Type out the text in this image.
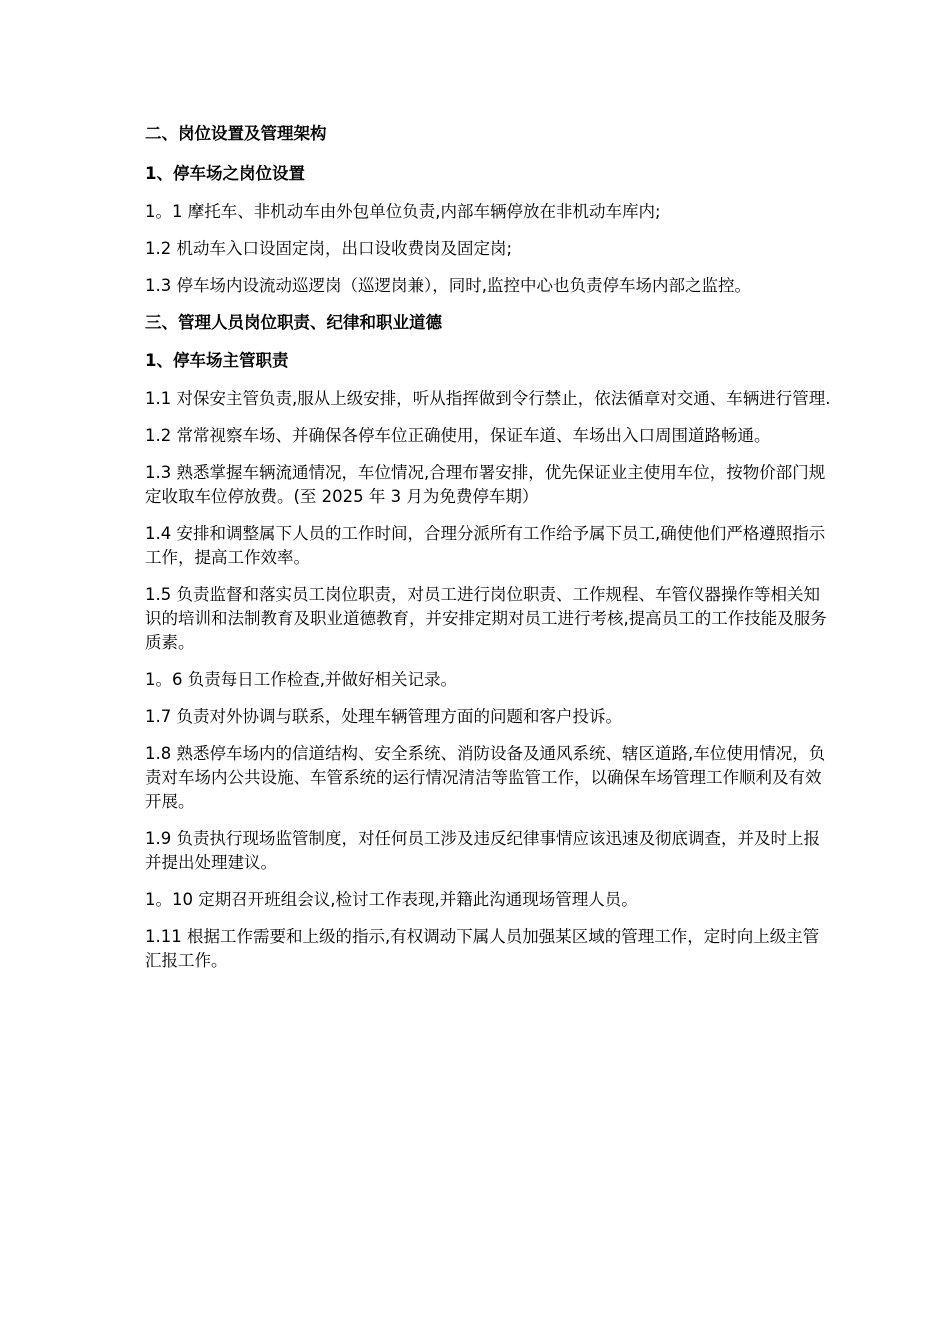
二、岗位设置及管理架构

1、停车场之岗位设置

1。1 摩托车、非机动车由外包单位负责,内部车辆停放在非机动车库内;

1.2 机动车入口设固定岗，出口设收费岗及固定岗;

1.3 停车场内设流动巡逻岗（巡逻岗兼），同时,监控中心也负责停车场内部之监控。

三、管理人员岗位职责、纪律和职业道德

1、停车场主管职责

1.1 对保安主管负责,服从上级安排，听从指挥做到令行禁止，依法循章对交通、车辆进行管理.

1.2 常常视察车场、并确保各停车位正确使用，保证车道、车场出入口周围道路畅通。

1.3 熟悉掌握车辆流通情况，车位情况,合理布署安排，优先保证业主使用车位，按物价部门规定收取车位停放费。(至 2025 年 3 月为免费停车期）

1.4 安排和调整属下人员的工作时间，合理分派所有工作给予属下员工,确使他们严格遵照指示工作，提高工作效率。

1.5 负责监督和落实员工岗位职责，对员工进行岗位职责、工作规程、车管仪器操作等相关知识的培训和法制教育及职业道德教育，并安排定期对员工进行考核,提高员工的工作技能及服务质素。

1。6 负责每日工作检查,并做好相关记录。

1.7 负责对外协调与联系，处理车辆管理方面的问题和客户投诉。

1.8 熟悉停车场内的信道结构、安全系统、消防设备及通风系统、辖区道路,车位使用情况，负责对车场内公共设施、车管系统的运行情况清洁等监管工作，以确保车场管理工作顺利及有效开展。

1.9 负责执行现场监管制度，对任何员工涉及违反纪律事情应该迅速及彻底调查，并及时上报并提出处理建议。

1。10 定期召开班组会议,检讨工作表现,并籍此沟通现场管理人员。

1.11 根据工作需要和上级的指示,有权调动下属人员加强某区域的管理工作，定时向上级主管汇报工作。
